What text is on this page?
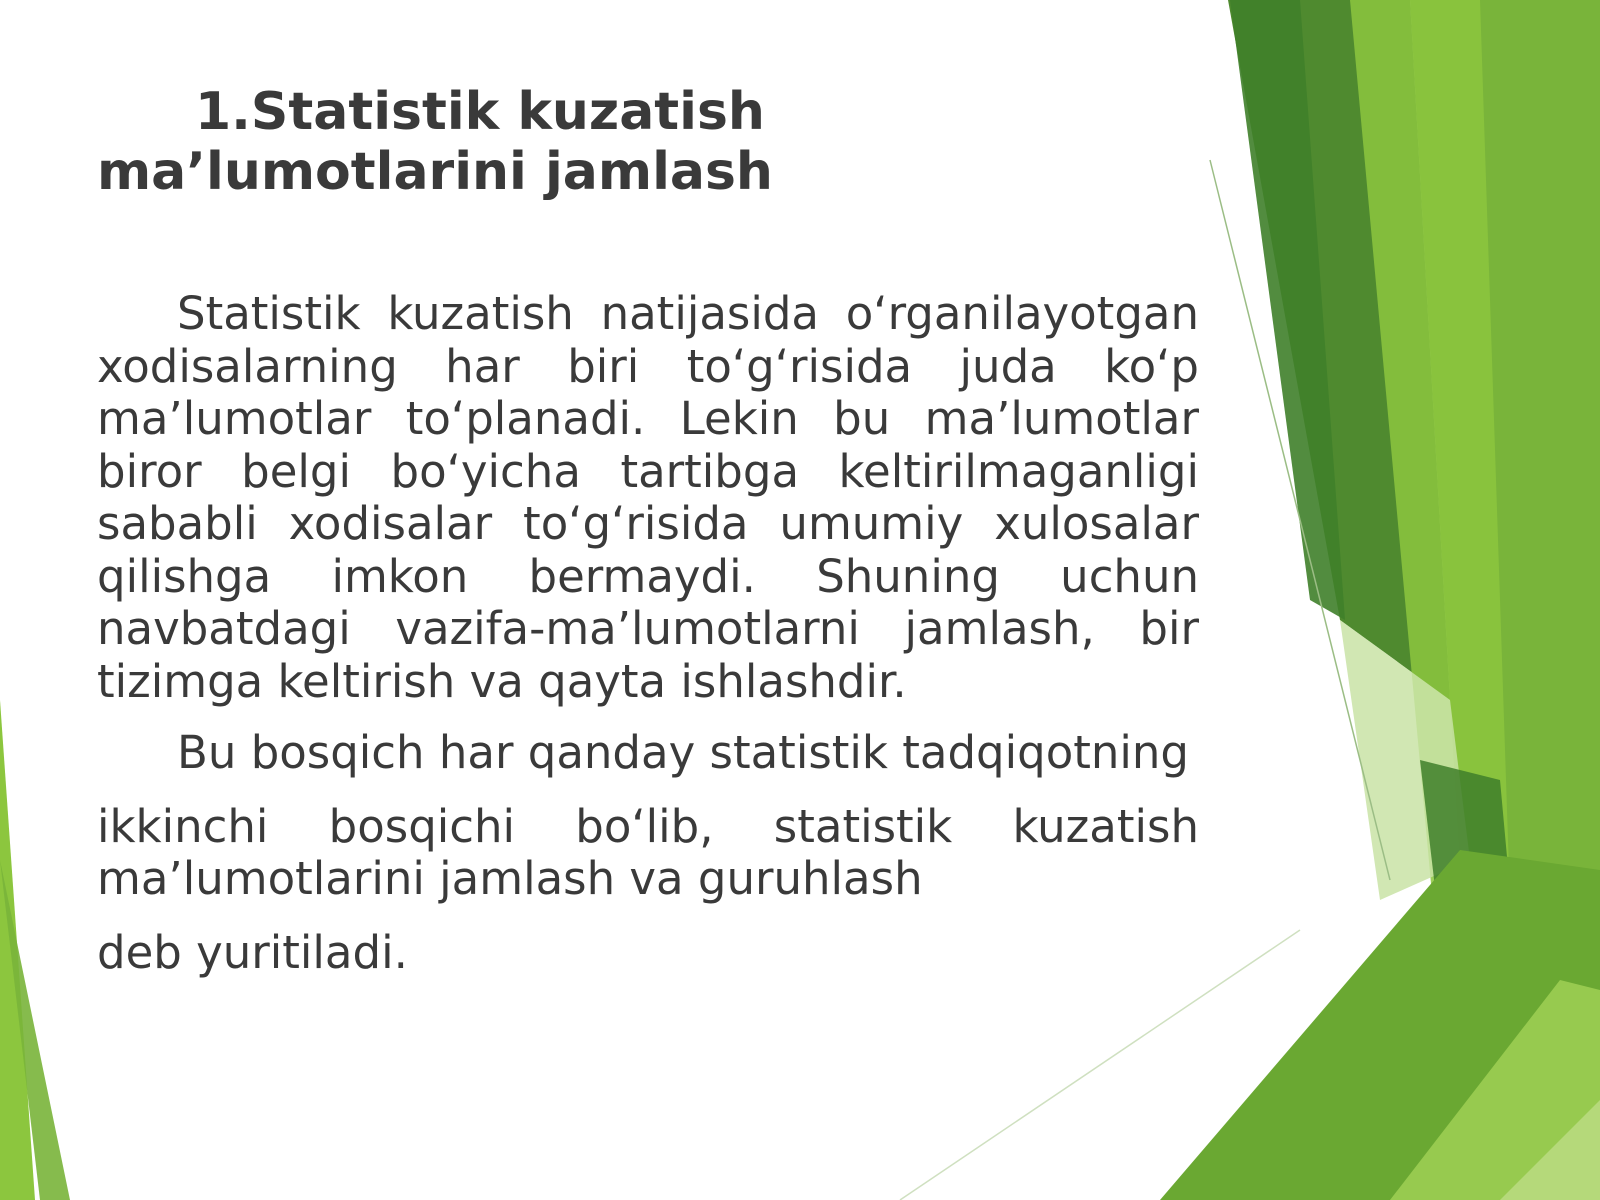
1.Statistik kuzatish ma’lumotlarini jamlash

Statistik kuzatish natijasida o‘rganilayotgan xodisalarning har biri to‘g‘risida juda ko‘p ma’lumotlar to‘planadi. Lekin bu ma’lumotlar biror belgi bo‘yicha tartibga keltirilmaganligi sababli xodisalar to‘g‘risida umumiy xulosalar qilishga imkon bermaydi. Shuning uchun navbatdagi vazifa-ma’lumotlarni jamlash, bir tizimga keltirish va qayta ishlashdir.

Bu bosqich har qanday statistik tadqiqotning

ikkinchi bosqichi bo‘lib, statistik kuzatish ma’lumotlarini jamlash va guruhlash

deb yuritiladi.
